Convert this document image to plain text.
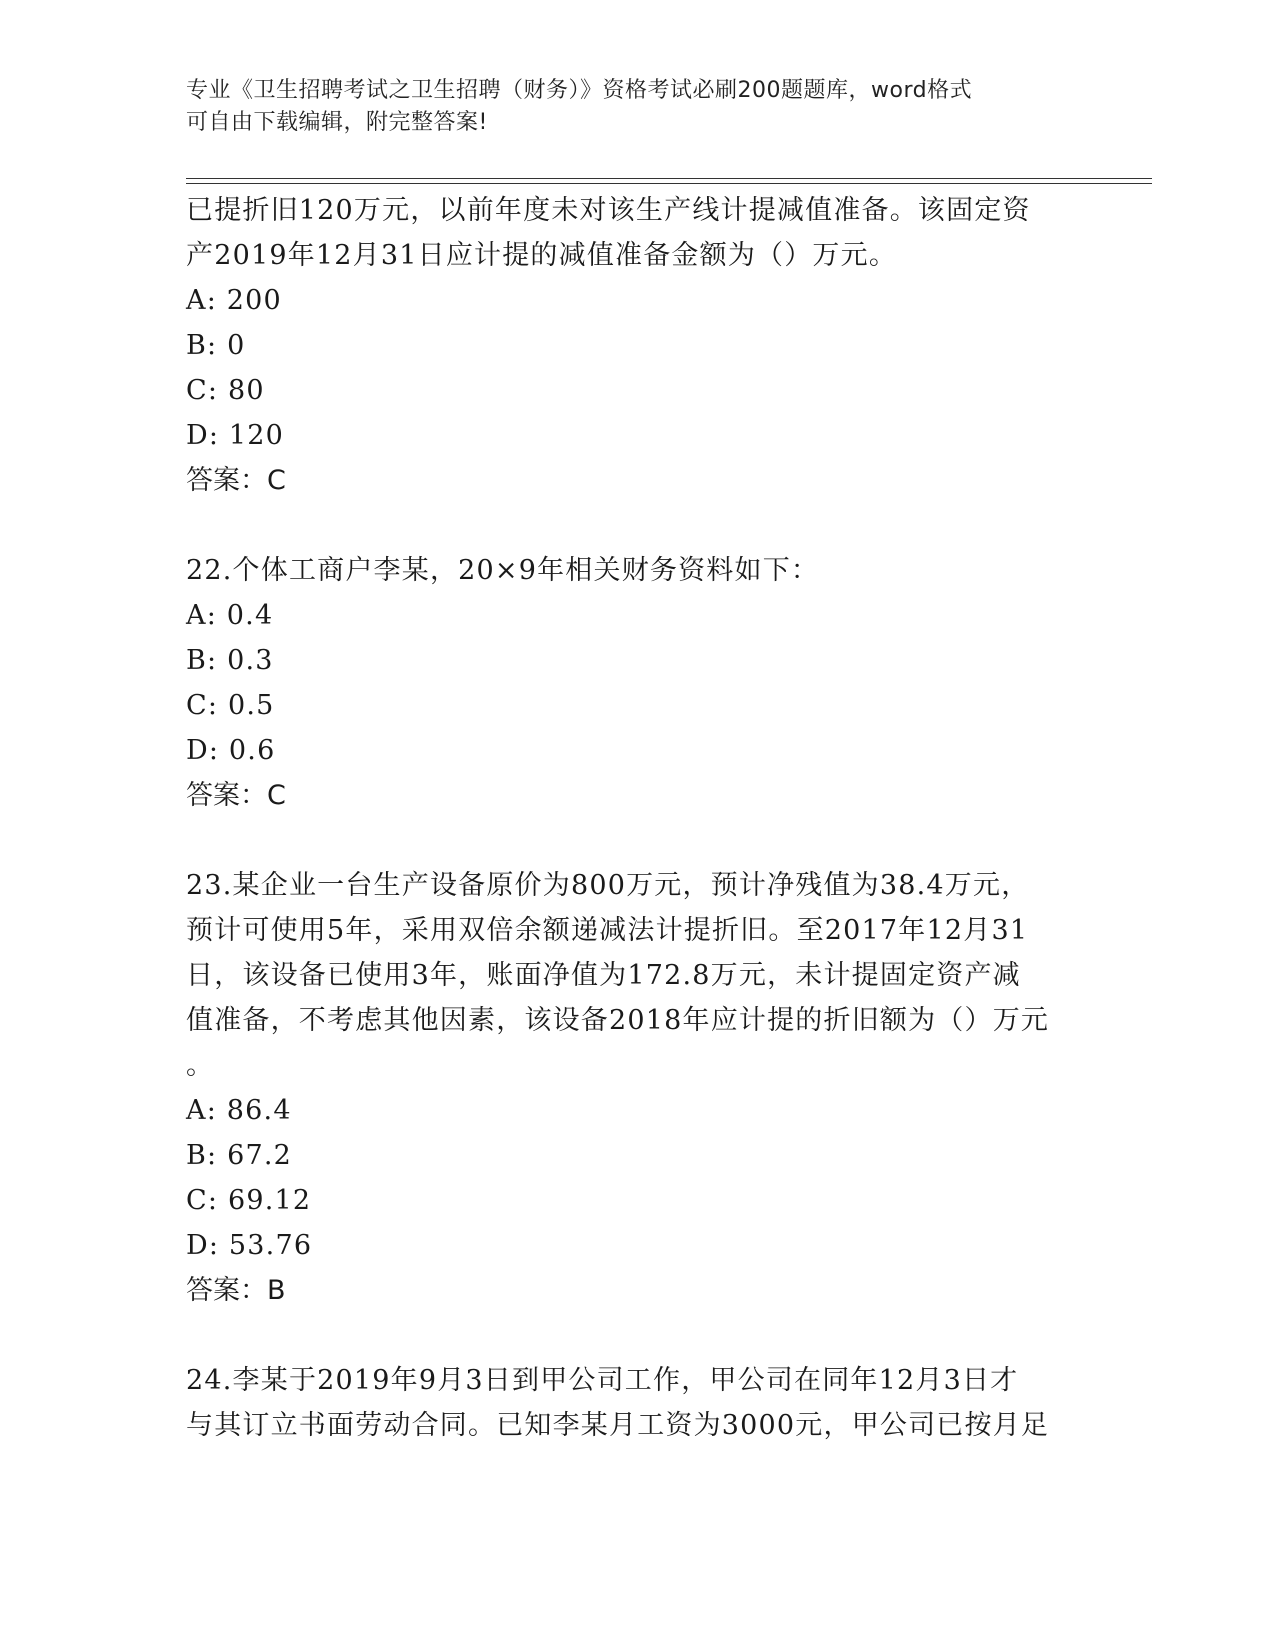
专业《卫生招聘考试之卫生招聘（财务）》资格考试必刷200题题库，word格式
可自由下载编辑，附完整答案!
已提折旧120万元，以前年度未对该生产线计提减值准备。该固定资
产2019年12月31日应计提的减值准备金额为（）万元。
A: 200
B: 0
C: 80
D: 120
答案：C
22.个体工商户李某，20×9年相关财务资料如下：
A: 0.4
B: 0.3
C: 0.5
D: 0.6
答案：C
23.某企业一台生产设备原价为800万元，预计净残值为38.4万元，
预计可使用5年，采用双倍余额递减法计提折旧。至2017年12月31
日，该设备已使用3年，账面净值为172.8万元，未计提固定资产减
值准备，不考虑其他因素，该设备2018年应计提的折旧额为（）万元
。
A: 86.4
B: 67.2
C: 69.12
D: 53.76
答案：B
24.李某于2019年9月3日到甲公司工作，甲公司在同年12月3日才
与其订立书面劳动合同。已知李某月工资为3000元，甲公司已按月足
